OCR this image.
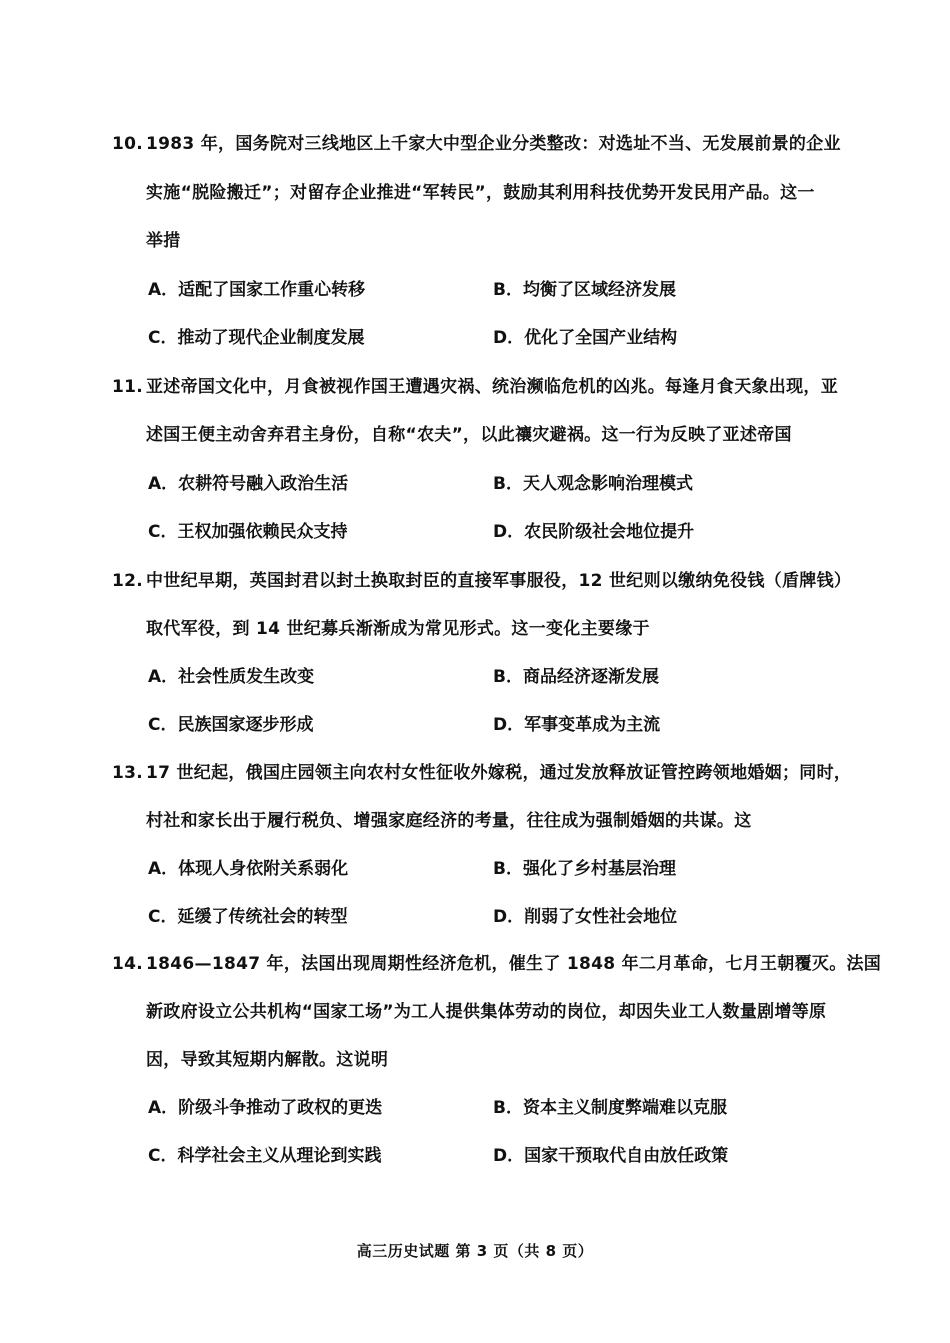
10. 1983 年，国务院对三线地区上千家大中型企业分类整改：对选址不当、无发展前景的企业
实施“脱险搬迁”；对留存企业推进“军转民”，鼓励其利用科技优势开发民用产品。这一
举措
A．适配了国家工作重心转移	B．均衡了区域经济发展
C．推动了现代企业制度发展	D．优化了全国产业结构
11. 亚述帝国文化中，月食被视作国王遭遇灾祸、统治濒临危机的凶兆。每逢月食天象出现，亚
述国王便主动舍弃君主身份，自称“农夫”，以此禳灾避祸。这一行为反映了亚述帝国
A．农耕符号融入政治生活	B．天人观念影响治理模式
C．王权加强依赖民众支持	D．农民阶级社会地位提升
12. 中世纪早期，英国封君以封土换取封臣的直接军事服役，12 世纪则以缴纳免役钱（盾牌钱）
取代军役，到 14 世纪募兵渐渐成为常见形式。这一变化主要缘于
A．社会性质发生改变	B．商品经济逐渐发展
C．民族国家逐步形成	D．军事变革成为主流
13. 17 世纪起，俄国庄园领主向农村女性征收外嫁税，通过发放释放证管控跨领地婚姻；同时，
村社和家长出于履行税负、增强家庭经济的考量，往往成为强制婚姻的共谋。这
A．体现人身依附关系弱化	B．强化了乡村基层治理
C．延缓了传统社会的转型	D．削弱了女性社会地位
14. 1846—1847 年，法国出现周期性经济危机，催生了 1848 年二月革命，七月王朝覆灭。法国
新政府设立公共机构“国家工场”为工人提供集体劳动的岗位，却因失业工人数量剧增等原
因，导致其短期内解散。这说明
A．阶级斗争推动了政权的更迭	B．资本主义制度弊端难以克服
C．科学社会主义从理论到实践	D．国家干预取代自由放任政策
高三历史试题 第 3 页（共 8 页）
